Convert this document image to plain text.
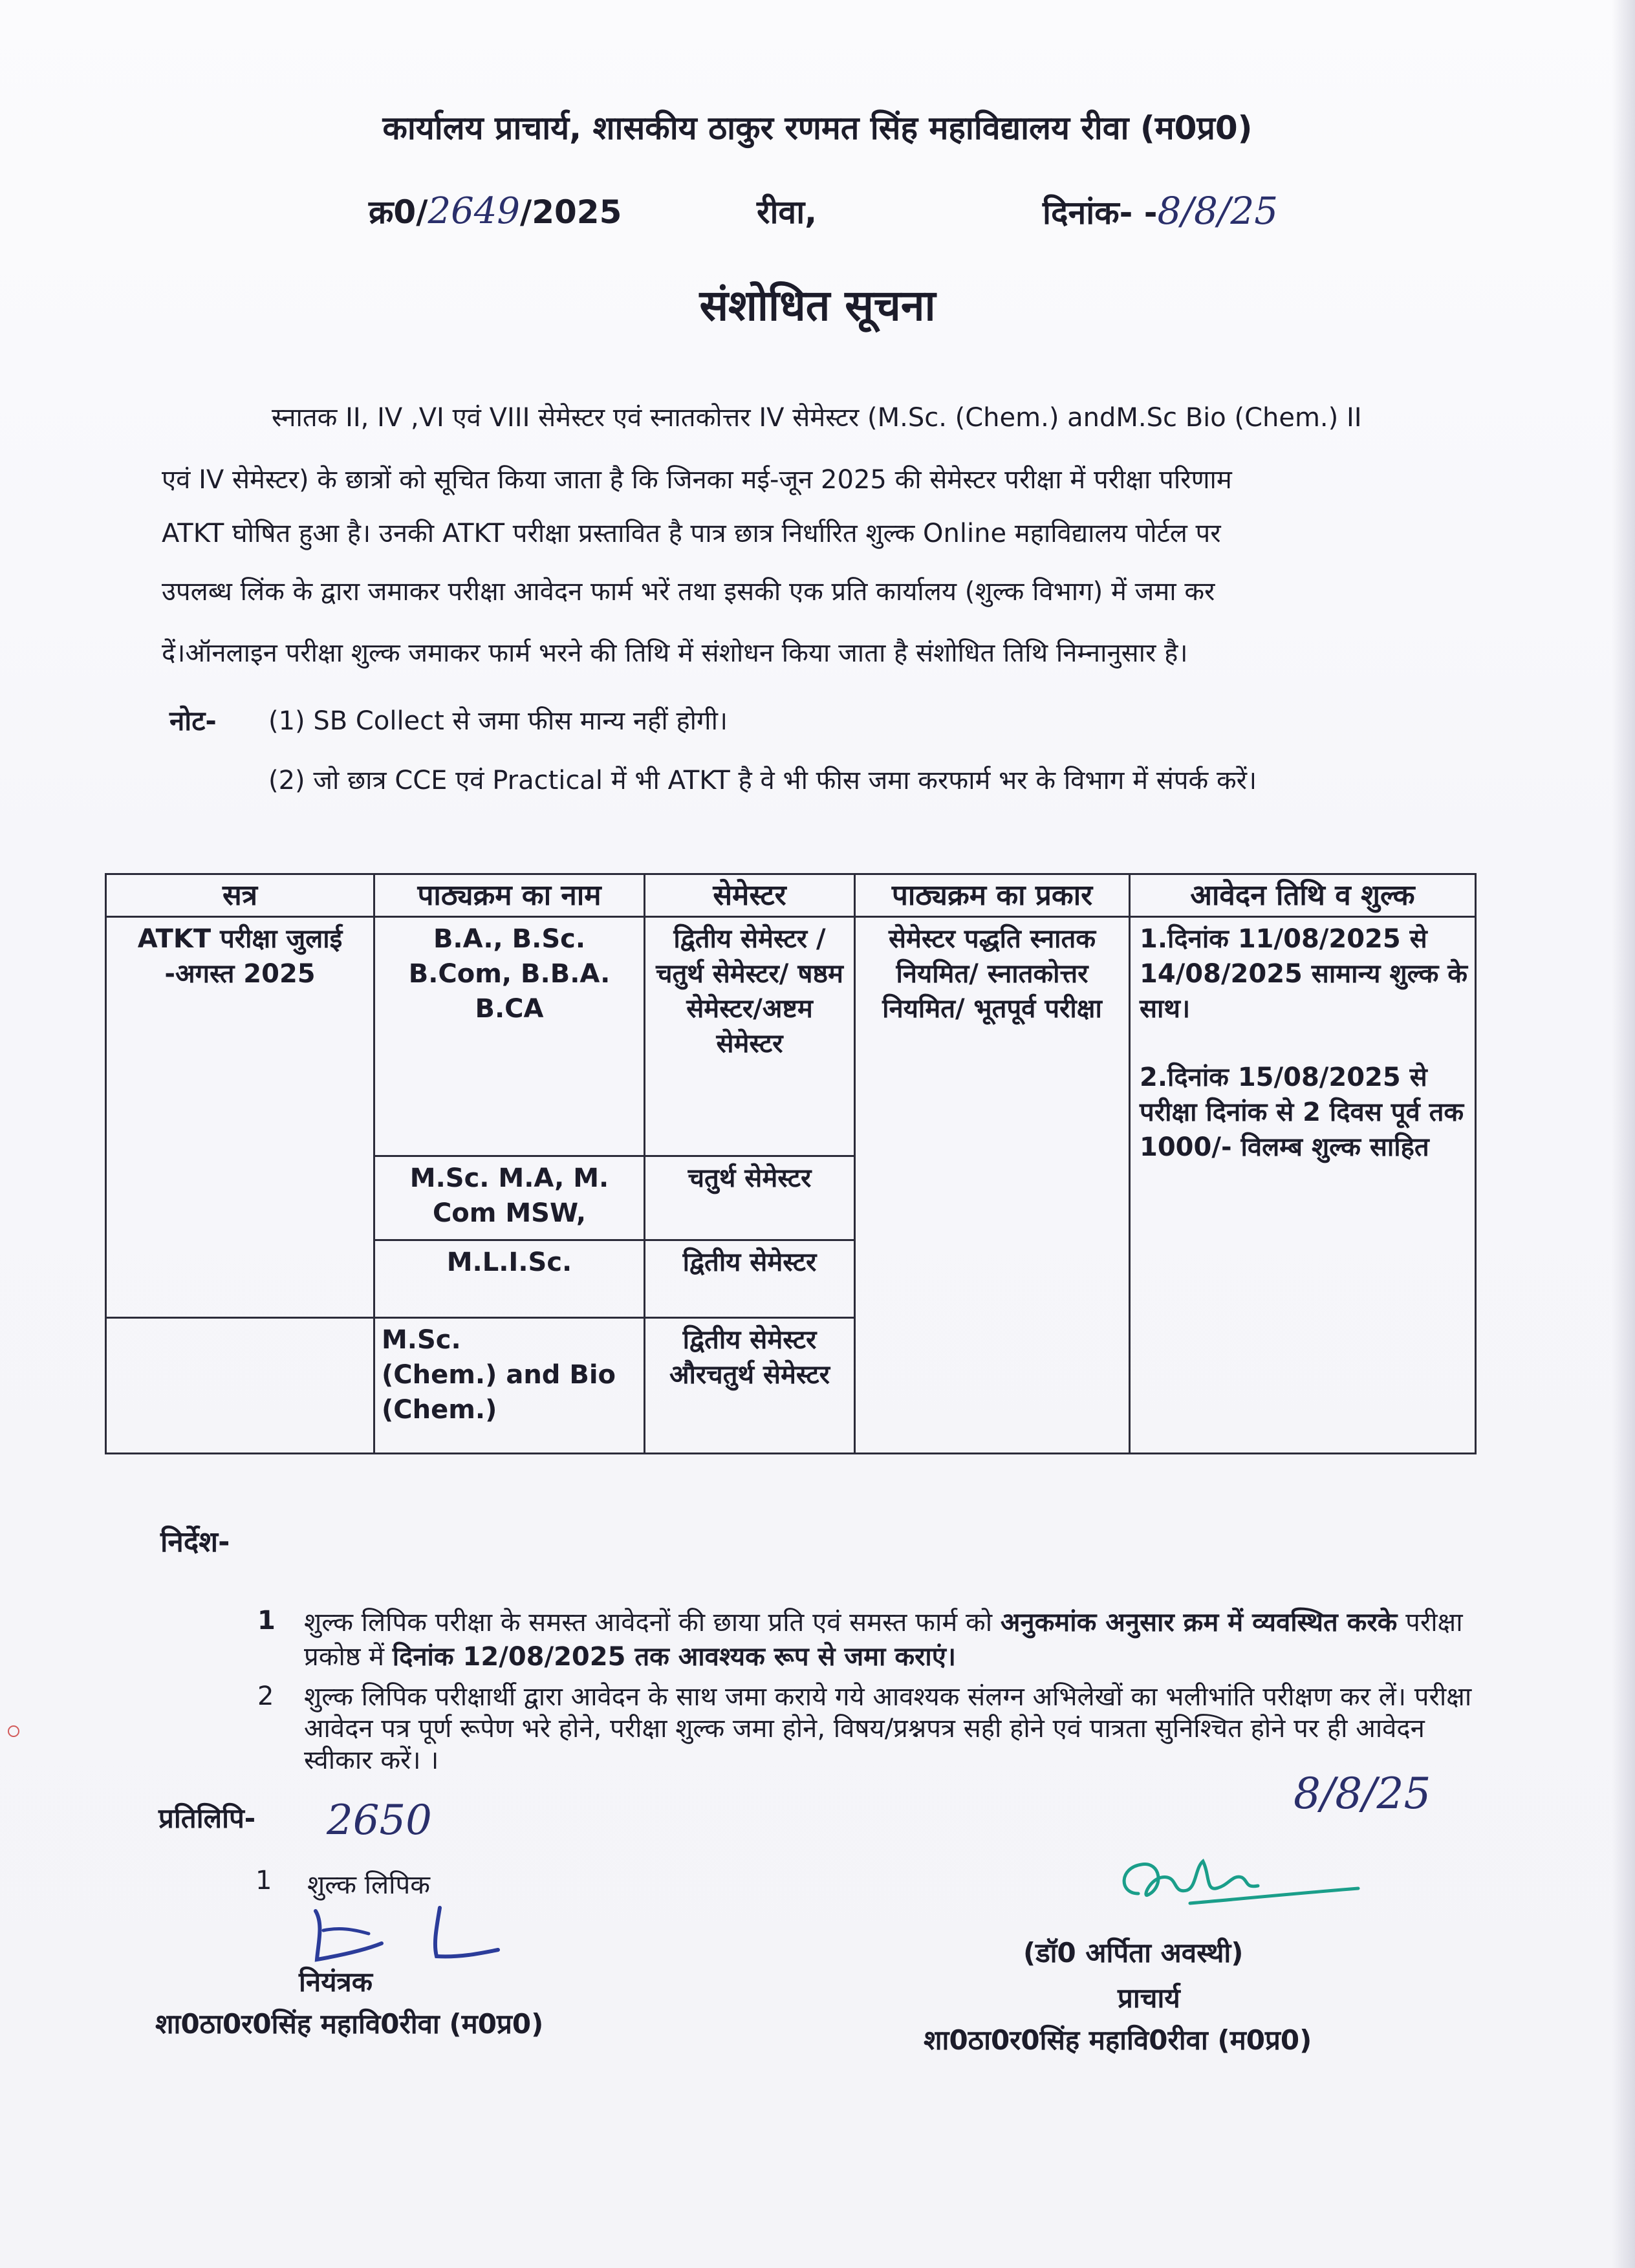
कार्यालय प्राचार्य, शासकीय ठाकुर रणमत सिंह महाविद्यालय रीवा (म0प्र0)
क्र0/2649/2025	रीवा,	दिनांक- -8/8/25
संशोधित सूचना
स्नातक II, IV ,VI एवं VIII सेमेस्टर एवं स्नातकोत्तर IV सेमेस्टर (M.Sc. (Chem.) andM.Sc Bio (Chem.) II
एवं IV सेमेस्टर) के छात्रों को सूचित किया जाता है कि जिनका मई-जून 2025 की सेमेस्टर परीक्षा में परीक्षा परिणाम
ATKT घोषित हुआ है। उनकी ATKT परीक्षा प्रस्तावित है पात्र छात्र निर्धारित शुल्क Online महाविद्यालय पोर्टल पर
उपलब्ध लिंक के द्वारा जमाकर परीक्षा आवेदन फार्म भरें तथा इसकी एक प्रति कार्यालय (शुल्क विभाग) में जमा कर
दें।ऑनलाइन परीक्षा शुल्क जमाकर फार्म भरने की तिथि में संशोधन किया जाता है संशोधित तिथि निम्नानुसार है।
नोट- (1) SB Collect से जमा फीस मान्य नहीं होगी।
(2) जो छात्र CCE एवं Practical में भी ATKT है वे भी फीस जमा करफार्म भर के विभाग में संपर्क करें।
सत्र	पाठ्यक्रम का नाम	सेमेस्टर	पाठ्यक्रम का प्रकार	आवेदन तिथि व शुल्क
ATKT परीक्षा जुलाई -अगस्त 2025	B.A., B.Sc. B.Com, B.B.A. B.CA	द्वितीय सेमेस्टर / चतुर्थ सेमेस्टर/ षष्ठम सेमेस्टर/अष्टम सेमेस्टर	सेमेस्टर पद्धति स्नातक नियमित/ स्नातकोत्तर नियमित/ भूतपूर्व परीक्षा	1.दिनांक 11/08/2025 से 14/08/2025 सामान्य शुल्क के साथ।
2.दिनांक 15/08/2025 से परीक्षा दिनांक से 2 दिवस पूर्व तक 1000/- विलम्ब शुल्क साहित

	M.Sc. M.A, M. Com MSW,	चतुर्थ सेमेस्टर		
	M.L.I.Sc.	द्वितीय सेमेस्टर		
	M.Sc.       (Chem.) and Bio (Chem.)	द्वितीय सेमेस्टर औरचतुर्थ सेमेस्टर		
निर्देश-
1 शुल्क लिपिक परीक्षा के समस्त आवेदनों की छाया प्रति एवं समस्त फार्म को अनुकमांक अनुसार क्रम में व्यवस्थित करके परीक्षा प्रकोष्ठ में दिनांक 12/08/2025 तक आवश्यक रूप से जमा कराएं।
2 शुल्क लिपिक परीक्षार्थी द्वारा आवेदन के साथ जमा कराये गये आवश्यक संलग्न अभिलेखों का भलीभांति परीक्षण कर लें। परीक्षा आवेदन पत्र पूर्ण रूपेण भरे होने, परीक्षा शुल्क जमा होने, विषय/प्रश्नपत्र सही होने एवं पात्रता सुनिश्चित होने पर ही आवेदन स्वीकार करें। ।
प्रतिलिपि- 2650
8/8/25
1 शुल्क लिपिक
नियंत्रक
शा0ठा0र0सिंह महावि0रीवा (म0प्र0)
(डॉ0 अर्पिता अवस्थी)
प्राचार्य
शा0ठा0र0सिंह महावि0रीवा (म0प्र0)
